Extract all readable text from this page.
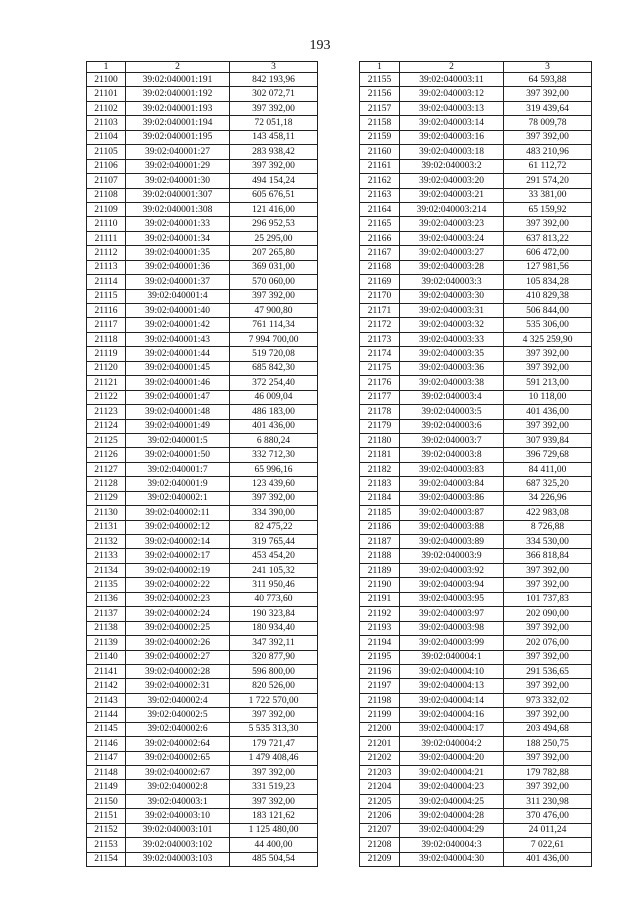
193
1	2	3
21100	39:02:040001:191	842 193,96
21101	39:02:040001:192	302 072,71
21102	39:02:040001:193	397 392,00
21103	39:02:040001:194	72 051,18
21104	39:02:040001:195	143 458,11
21105	39:02:040001:27	283 938,42
21106	39:02:040001:29	397 392,00
21107	39:02:040001:30	494 154,24
21108	39:02:040001:307	605 676,51
21109	39:02:040001:308	121 416,00
21110	39:02:040001:33	296 952,53
21111	39:02:040001:34	25 295,00
21112	39:02:040001:35	207 265,80
21113	39:02:040001:36	369 031,00
21114	39:02:040001:37	570 060,00
21115	39:02:040001:4	397 392,00
21116	39:02:040001:40	47 900,80
21117	39:02:040001:42	761 114,34
21118	39:02:040001:43	7 994 700,00
21119	39:02:040001:44	519 720,08
21120	39:02:040001:45	685 842,30
21121	39:02:040001:46	372 254,40
21122	39:02:040001:47	46 009,04
21123	39:02:040001:48	486 183,00
21124	39:02:040001:49	401 436,00
21125	39:02:040001:5	6 880,24
21126	39:02:040001:50	332 712,30
21127	39:02:040001:7	65 996,16
21128	39:02:040001:9	123 439,60
21129	39:02:040002:1	397 392,00
21130	39:02:040002:11	334 390,00
21131	39:02:040002:12	82 475,22
21132	39:02:040002:14	319 765,44
21133	39:02:040002:17	453 454,20
21134	39:02:040002:19	241 105,32
21135	39:02:040002:22	311 950,46
21136	39:02:040002:23	40 773,60
21137	39:02:040002:24	190 323,84
21138	39:02:040002:25	180 934,40
21139	39:02:040002:26	347 392,11
21140	39:02:040002:27	320 877,90
21141	39:02:040002:28	596 800,00
21142	39:02:040002:31	820 526,00
21143	39:02:040002:4	1 722 570,00
21144	39:02:040002:5	397 392,00
21145	39:02:040002:6	5 535 313,30
21146	39:02:040002:64	179 721,47
21147	39:02:040002:65	1 479 408,46
21148	39:02:040002:67	397 392,00
21149	39:02:040002:8	331 519,23
21150	39:02:040003:1	397 392,00
21151	39:02:040003:10	183 121,62
21152	39:02:040003:101	1 125 480,00
21153	39:02:040003:102	44 400,00
21154	39:02:040003:103	485 504,54
1	2	3
21155	39:02:040003:11	64 593,88
21156	39:02:040003:12	397 392,00
21157	39:02:040003:13	319 439,64
21158	39:02:040003:14	78 009,78
21159	39:02:040003:16	397 392,00
21160	39:02:040003:18	483 210,96
21161	39:02:040003:2	61 112,72
21162	39:02:040003:20	291 574,20
21163	39:02:040003:21	33 381,00
21164	39:02:040003:214	65 159,92
21165	39:02:040003:23	397 392,00
21166	39:02:040003:24	637 813,22
21167	39:02:040003:27	606 472,00
21168	39:02:040003:28	127 981,56
21169	39:02:040003:3	105 834,28
21170	39:02:040003:30	410 829,38
21171	39:02:040003:31	506 844,00
21172	39:02:040003:32	535 306,00
21173	39:02:040003:33	4 325 259,90
21174	39:02:040003:35	397 392,00
21175	39:02:040003:36	397 392,00
21176	39:02:040003:38	591 213,00
21177	39:02:040003:4	10 118,00
21178	39:02:040003:5	401 436,00
21179	39:02:040003:6	397 392,00
21180	39:02:040003:7	307 939,84
21181	39:02:040003:8	396 729,68
21182	39:02:040003:83	84 411,00
21183	39:02:040003:84	687 325,20
21184	39:02:040003:86	34 226,96
21185	39:02:040003:87	422 983,08
21186	39:02:040003:88	8 726,88
21187	39:02:040003:89	334 530,00
21188	39:02:040003:9	366 818,84
21189	39:02:040003:92	397 392,00
21190	39:02:040003:94	397 392,00
21191	39:02:040003:95	101 737,83
21192	39:02:040003:97	202 090,00
21193	39:02:040003:98	397 392,00
21194	39:02:040003:99	202 076,00
21195	39:02:040004:1	397 392,00
21196	39:02:040004:10	291 536,65
21197	39:02:040004:13	397 392,00
21198	39:02:040004:14	973 332,02
21199	39:02:040004:16	397 392,00
21200	39:02:040004:17	203 494,68
21201	39:02:040004:2	188 250,75
21202	39:02:040004:20	397 392,00
21203	39:02:040004:21	179 782,88
21204	39:02:040004:23	397 392,00
21205	39:02:040004:25	311 230,98
21206	39:02:040004:28	370 476,00
21207	39:02:040004:29	24 011,24
21208	39:02:040004:3	7 022,61
21209	39:02:040004:30	401 436,00
